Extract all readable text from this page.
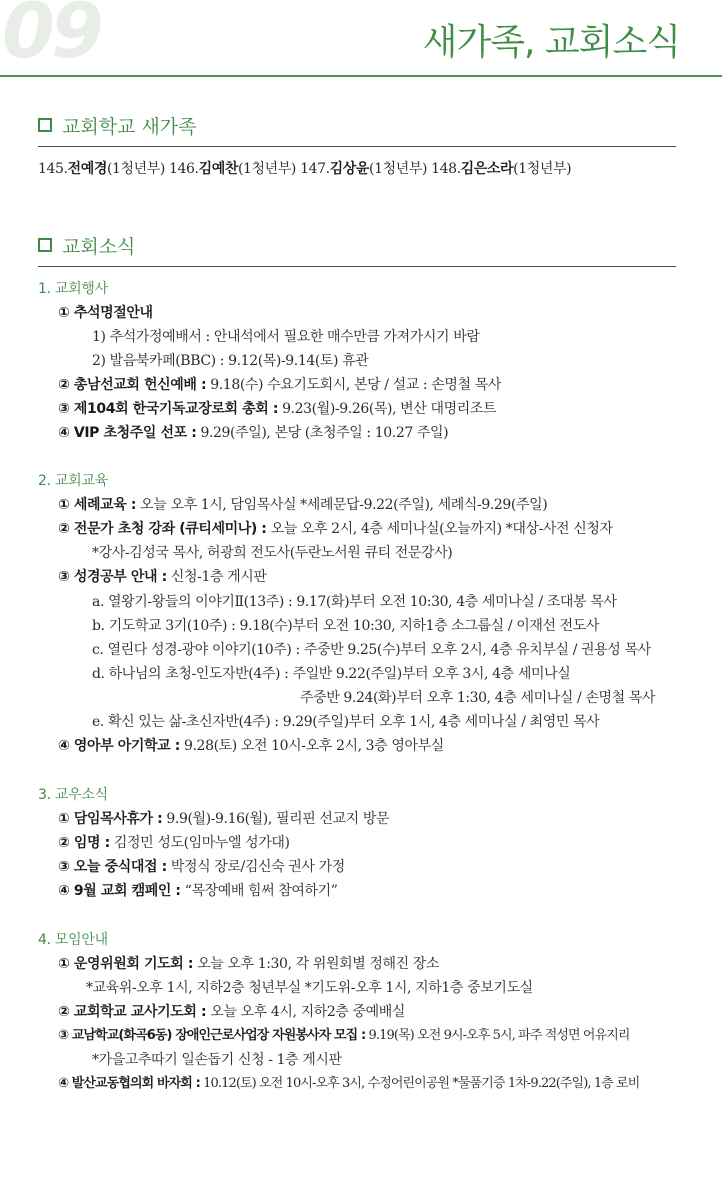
09	새가족, 교회소식
교회학교 새가족
145.전예경(1청년부) 146.김예찬(1청년부) 147.김상윤(1청년부) 148.김은소라(1청년부)
교회소식
1. 교회행사
① 추석명절안내
1) 추석가정예배서 : 안내석에서 필요한 매수만큼 가져가시기 바람
2) 발음북카페(BBC) : 9.12(목)-9.14(토) 휴관
② 총남선교회 헌신예배 : 9.18(수) 수요기도회시, 본당 / 설교 : 손명철 목사
③ 제104회 한국기독교장로회 총회 : 9.23(월)-9.26(목), 변산 대명리조트
④ VIP 초청주일 선포 : 9.29(주일), 본당 (초청주일 : 10.27 주일)
2. 교회교육
① 세례교육 : 오늘 오후 1시, 담임목사실 *세례문답-9.22(주일), 세례식-9.29(주일)
② 전문가 초청 강좌 (큐티세미나) : 오늘 오후 2시, 4층 세미나실(오늘까지) *대상-사전 신청자
*강사-김성국 목사, 허광희 전도사(두란노서원 큐티 전문강사)
③ 성경공부 안내 : 신청-1층 게시판
a. 열왕기-왕들의 이야기Ⅱ(13주) : 9.17(화)부터 오전 10:30, 4층 세미나실 / 조대봉 목사
b. 기도학교 3기(10주) : 9.18(수)부터 오전 10:30, 지하1층 소그룹실 / 이재선 전도사
c. 열린다 성경-광야 이야기(10주) : 주중반 9.25(수)부터 오후 2시, 4층 유치부실 / 권용성 목사
d. 하나님의 초청-인도자반(4주) : 주일반 9.22(주일)부터 오후 3시, 4층 세미나실
주중반 9.24(화)부터 오후 1:30, 4층 세미나실 / 손명철 목사
e. 확신 있는 삶-초신자반(4주) : 9.29(주일)부터 오후 1시, 4층 세미나실 / 최영민 목사
④ 영아부 아기학교 : 9.28(토) 오전 10시-오후 2시, 3층 영아부실
3. 교우소식
① 담임목사휴가 : 9.9(월)-9.16(월), 필리핀 선교지 방문
② 임명 : 김정민 성도(임마누엘 성가대)
③ 오늘 중식대접 : 박정식 장로/김신숙 권사 가정
④ 9월 교회 캠페인 : “목장예배 힘써 참여하기”
4. 모임안내
① 운영위원회 기도회 : 오늘 오후 1:30, 각 위원회별 정해진 장소
*교육위-오후 1시, 지하2층 청년부실 *기도위-오후 1시, 지하1층 중보기도실
② 교회학교 교사기도회 : 오늘 오후 4시, 지하2층 중예배실
③ 교남학교(화곡6동) 장애인근로사업장 자원봉사자 모집 : 9.19(목) 오전 9시-오후 5시, 파주 적성면 어유지리
*가을고추따기 일손돕기 신청 - 1층 게시판
④ 발산교동협의회 바자회 : 10.12(토) 오전 10시-오후 3시, 수정어린이공원 *물품기증 1차-9.22(주일), 1층 로비
